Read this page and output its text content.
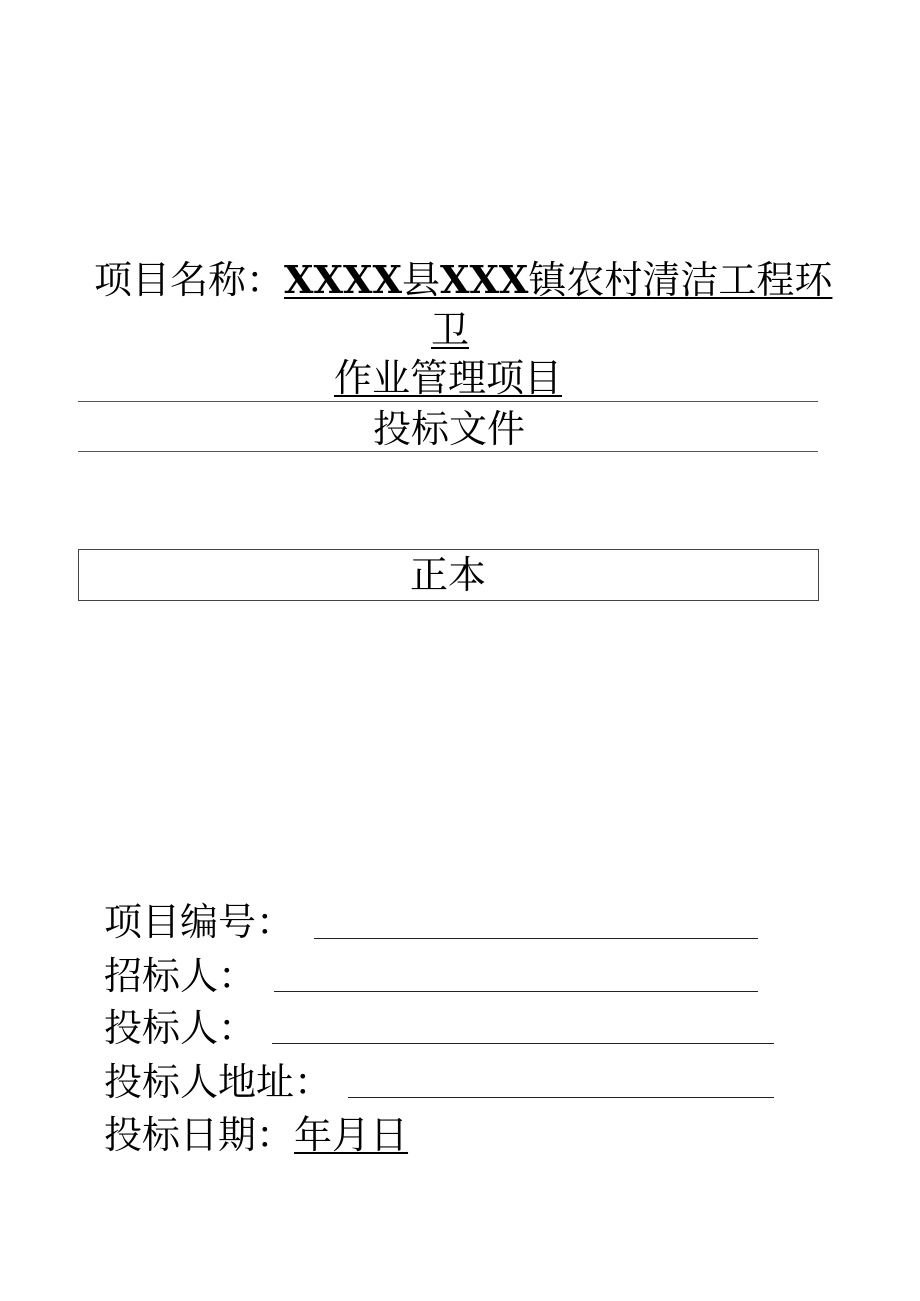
项目名称：XXXX县XXX镇农村清洁工程环
卫
作业管理项目
投标文件
正本
项目编号：
招标人：
投标人：
投标人地址：
投标日期：年月日
